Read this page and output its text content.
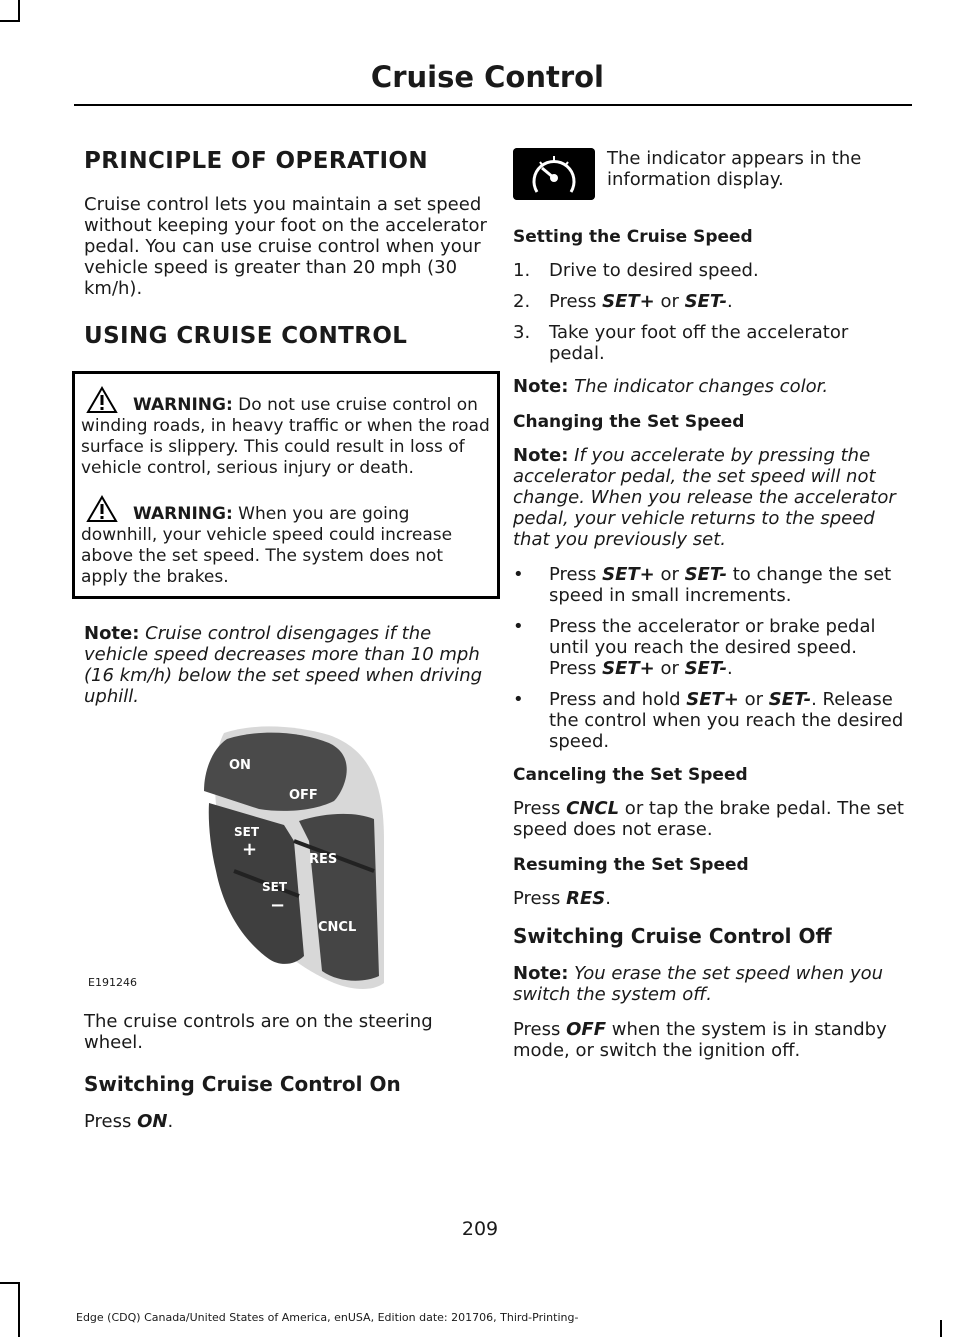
Cruise Control
PRINCIPLE OF OPERATION

Cruise control lets you maintain a set speed without keeping your foot on the accelerator pedal. You can use cruise control when your vehicle speed is greater than 20 mph (30 km/h).

USING CRUISE CONTROL
WARNING: Do not use cruise control on winding roads, in heavy traffic or when the road surface is slippery. This could result in loss of vehicle control, serious injury or death.
WARNING: When you are going downhill, your vehicle speed could increase above the set speed. The system does not apply the brakes.

Note: Cruise control disengages if the vehicle speed decreases more than 10 mph (16 km/h) below the set speed when driving uphill.

ON
OFF
SET
+	RES
SET
−
CNCL
E191246

The cruise controls are on the steering wheel.

Switching Cruise Control On

Press ON.

The indicator appears in the information display.
Setting the Cruise Speed
1. Drive to desired speed.
2. Press SET+ or SET-.
3. Take your foot off the accelerator pedal.

Note: The indicator changes color.

Changing the Set Speed

Note: If you accelerate by pressing the accelerator pedal, the set speed will not change. When you release the accelerator pedal, your vehicle returns to the speed that you previously set.

• Press SET+ or SET- to change the set speed in small increments.
• Press the accelerator or brake pedal until you reach the desired speed. Press SET+ or SET-.
• Press and hold SET+ or SET-. Release the control when you reach the desired speed.
Canceling the Set Speed

Press CNCL or tap the brake pedal. The set speed does not erase.

Resuming the Set Speed

Press RES.

Switching Cruise Control Off

Note: You erase the set speed when you switch the system off.

Press OFF when the system is in standby mode, or switch the ignition off.

209
Edge (CDQ) Canada/United States of America, enUSA, Edition date: 201706, Third-Printing-
